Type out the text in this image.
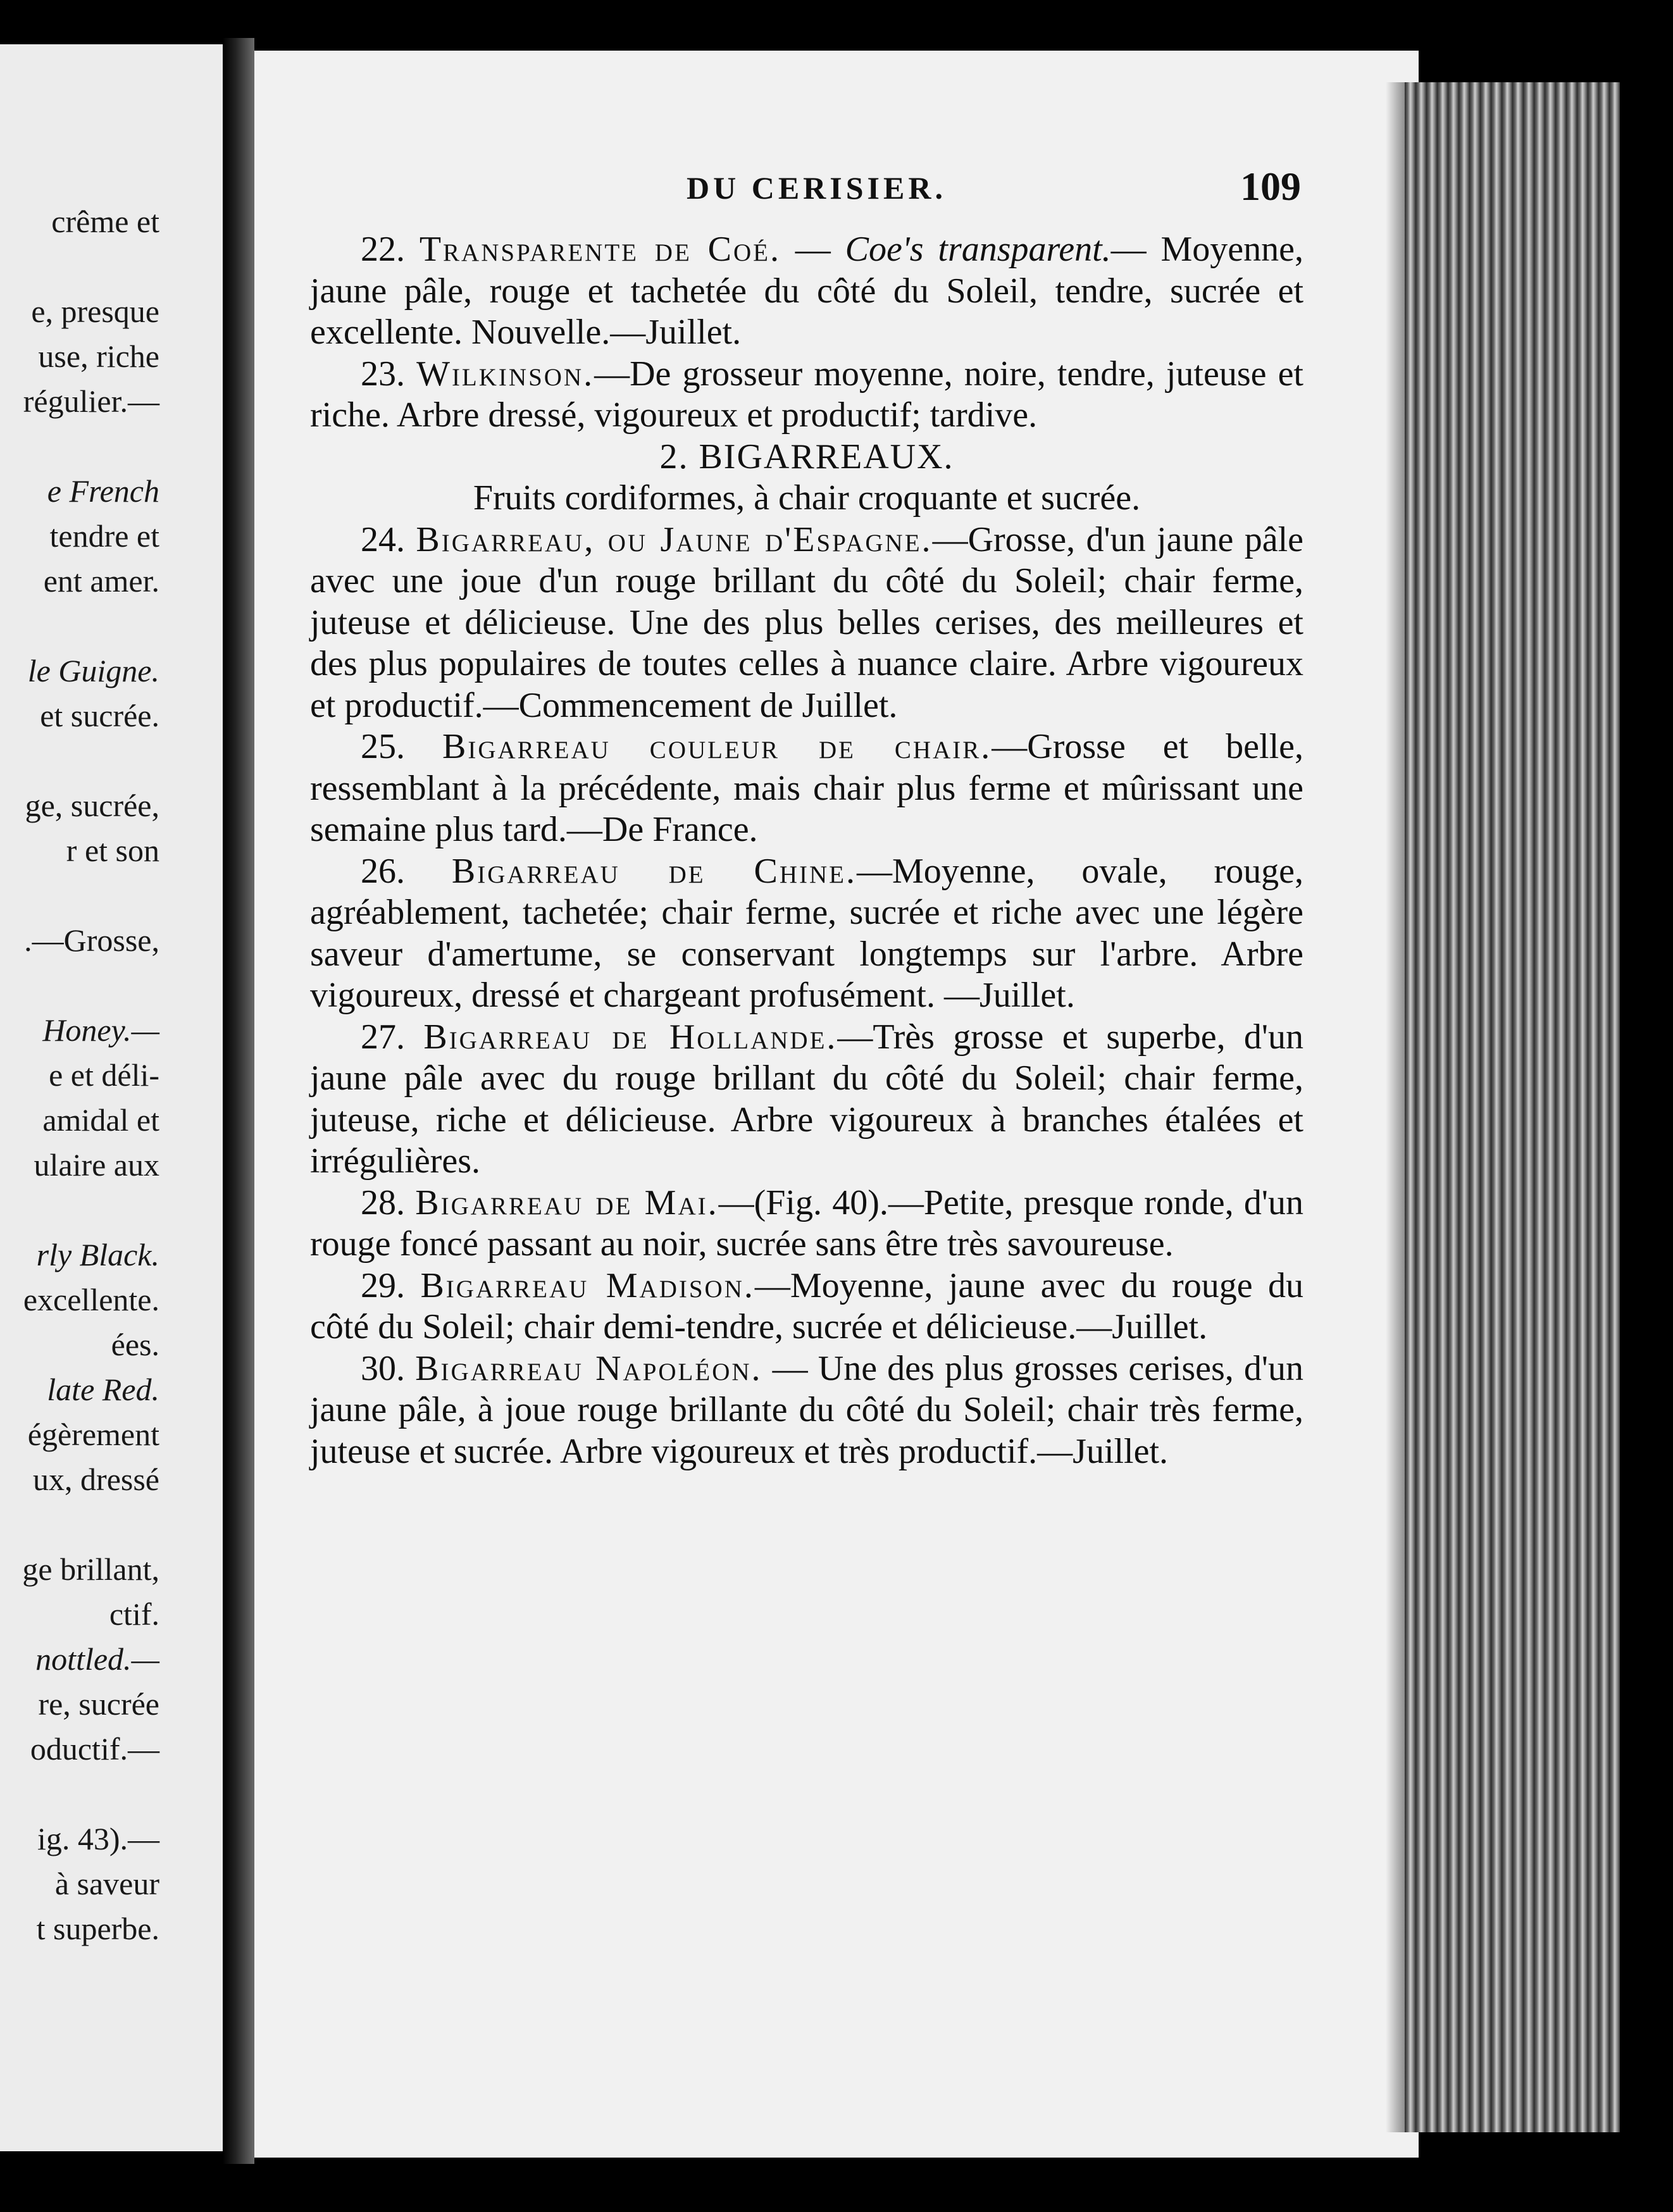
crême et
e, presque
use, riche
régulier.—
e French
tendre et
ent amer.
le Guigne.
et sucrée.
ge, sucrée,
r et son
.—Grosse,
Honey.—
e et déli-
amidal et
ulaire aux
rly Black.
excellente.
ées.
late Red.
égèrement
ux, dressé
ge brillant,
ctif.
nottled.—
re, sucrée
oductif.—
ig. 43).—
à saveur
t superbe.
DU CERISIER.	109

22. Transparente de Coé. — Coe's transparent.— Moyenne, jaune pâle, rouge et tachetée du côté du Soleil, tendre, sucrée et excellente. Nouvelle.—Juillet.

23. Wilkinson.—De grosseur moyenne, noire, tendre, juteuse et riche. Arbre dressé, vigoureux et productif; tardive.

2. BIGARREAUX.

Fruits cordiformes, à chair croquante et sucrée.

24. Bigarreau, ou Jaune d'Espagne.—Grosse, d'un jaune pâle avec une joue d'un rouge brillant du côté du Soleil; chair ferme, juteuse et délicieuse. Une des plus belles cerises, des meilleures et des plus populaires de toutes celles à nuance claire. Arbre vigoureux et productif.—Commencement de Juillet.

25. Bigarreau couleur de chair.—Grosse et belle, ressemblant à la précédente, mais chair plus ferme et mûrissant une semaine plus tard.—De France.

26. Bigarreau de Chine.—Moyenne, ovale, rouge, agréablement, tachetée; chair ferme, sucrée et riche avec une légère saveur d'amertume, se conservant longtemps sur l'arbre. Arbre vigoureux, dressé et chargeant profusément. —Juillet.

27. Bigarreau de Hollande.—Très grosse et superbe, d'un jaune pâle avec du rouge brillant du côté du Soleil; chair ferme, juteuse, riche et délicieuse. Arbre vigoureux à branches étalées et irrégulières.

28. Bigarreau de Mai.—(Fig. 40).—Petite, presque ronde, d'un rouge foncé passant au noir, sucrée sans être très savoureuse.

29. Bigarreau Madison.—Moyenne, jaune avec du rouge du côté du Soleil; chair demi-tendre, sucrée et délicieuse.—Juillet.

30. Bigarreau Napoléon. — Une des plus grosses cerises, d'un jaune pâle, à joue rouge brillante du côté du Soleil; chair très ferme, juteuse et sucrée. Arbre vigoureux et très productif.—Juillet.
